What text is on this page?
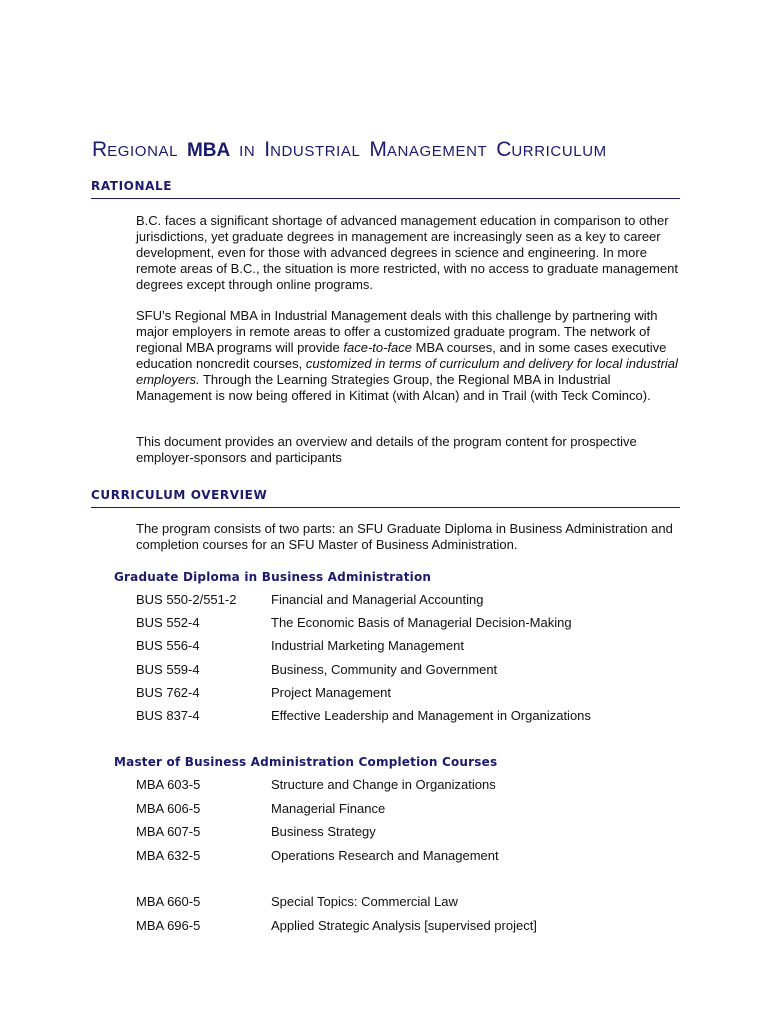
REGIONAL MBA IN INDUSTRIAL MANAGEMENT CURRICULUM
RATIONALE

B.C. faces a significant shortage of advanced management education in comparison to other jurisdictions, yet graduate degrees in management are increasingly seen as a key to career development, even for those with advanced degrees in science and engineering. In more remote areas of B.C., the situation is more restricted, with no access to graduate management degrees except through online programs.

SFU’s Regional MBA in Industrial Management deals with this challenge by partnering with major employers in remote areas to offer a customized graduate program. The network of regional MBA programs will provide face-to-face MBA courses, and in some cases executive education noncredit courses, customized in terms of curriculum and delivery for local industrial employers. Through the Learning Strategies Group, the Regional MBA in Industrial Management is now being offered in Kitimat (with Alcan) and in Trail (with Teck Cominco).

This document provides an overview and details of the program content for prospective employer-sponsors and participants

CURRICULUM OVERVIEW

The program consists of two parts: an SFU Graduate Diploma in Business Administration and completion courses for an SFU Master of Business Administration.

Graduate Diploma in Business Administration
BUS 550-2/551-2	Financial and Managerial Accounting
BUS 552-4	The Economic Basis of Managerial Decision-Making
BUS 556-4	Industrial Marketing Management
BUS 559-4	Business, Community and Government
BUS 762-4	Project Management
BUS 837-4	Effective Leadership and Management in Organizations
Master of Business Administration Completion Courses
MBA 603-5	Structure and Change in Organizations
MBA 606-5	Managerial Finance
MBA 607-5	Business Strategy
MBA 632-5	Operations Research and Management
MBA 660-5	Special Topics: Commercial Law
MBA 696-5	Applied Strategic Analysis [supervised project]
